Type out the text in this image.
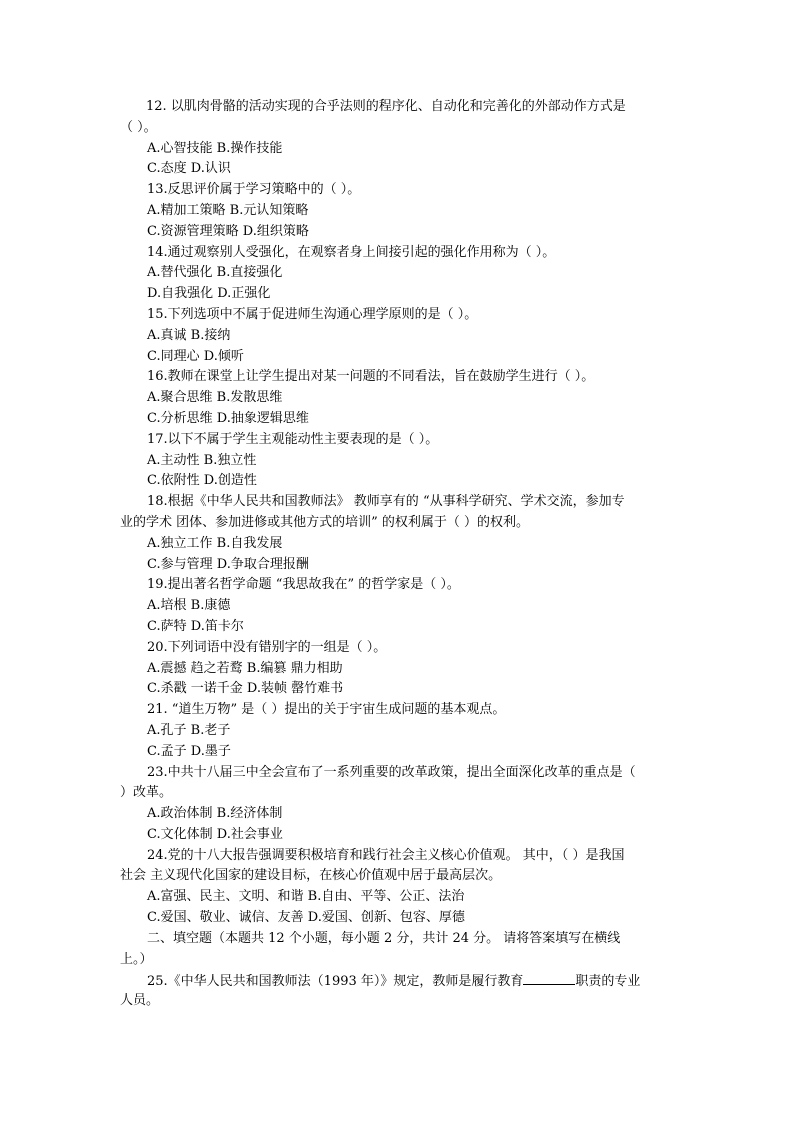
12. 以肌肉骨骼的活动实现的合乎法则的程序化、自动化和完善化的外部动作方式是
（ ）。
A.心智技能 B.操作技能
C.态度 D.认识
13.反思评价属于学习策略中的（ ）。
A.精加工策略 B.元认知策略
C.资源管理策略 D.组织策略
14.通过观察别人受强化，在观察者身上间接引起的强化作用称为（ ）。
A.替代强化 B.直接强化
D.自我强化 D.正强化
15.下列选项中不属于促进师生沟通心理学原则的是（ ）。
A.真诚 B.接纳
C.同理心 D.倾听
16.教师在课堂上让学生提出对某一问题的不同看法，旨在鼓励学生进行（ ）。
A.聚合思维 B.发散思维
C.分析思维 D.抽象逻辑思维
17.以下不属于学生主观能动性主要表现的是（ ）。
A.主动性 B.独立性
C.依附性 D.创造性
18.根据《中华人民共和国教师法》 教师享有的 “从事科学研究、学术交流，参加专
业的学术 团体、参加进修或其他方式的培训” 的权利属于（ ）的权利。
A.独立工作 B.自我发展
C.参与管理 D.争取合理报酬
19.提出著名哲学命题 “我思故我在” 的哲学家是（ ）。
A.培根 B.康德
C.萨特 D.笛卡尔
20.下列词语中没有错别字的一组是（ ）。
A.震撼 趋之若鹜 B.编篡 鼎力相助
C.杀戳 一诺千金 D.装帧 罄竹难书
21. “道生万物” 是（ ）提出的关于宇宙生成问题的基本观点。
A.孔子 B.老子
C.孟子 D.墨子
23.中共十八届三中全会宣布了一系列重要的改革政策，提出全面深化改革的重点是（
）改革。
A.政治体制 B.经济体制
C.文化体制 D.社会事业
24.党的十八大报告强调要积极培育和践行社会主义核心价值观。 其中，（ ）是我国
社会 主义现代化国家的建设目标，在核心价值观中居于最高层次。
A.富强、民主、文明、和谐 B.自由、平等、公正、法治
C.爱国、敬业、诚信、友善 D.爱国、创新、包容、厚德
二、填空题（本题共 12 个小题，每小题 2 分，共计 24 分。 请将答案填写在横线
上。）
25.《中华人民共和国教师法（1993 年）》规定，教师是履行教育	职责的专业
人员。
